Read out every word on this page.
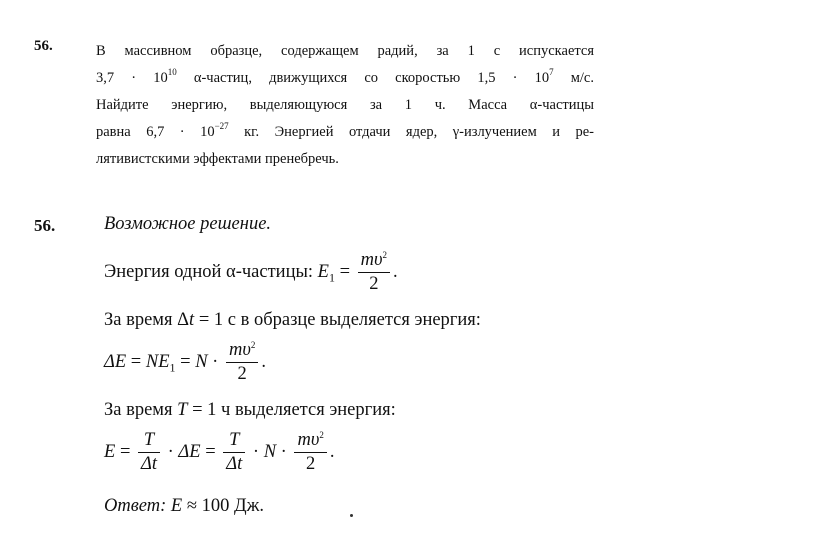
56.	В массивном образце, содержащем радий, за 1 с испускается
$3,7 \cdot 10^{10}$ α-частиц, движущихся со скоростью $1,5 \cdot 10^7$ м/с.
Найдите энергию, выделяющуюся за 1 ч. Масса α-частицы
равна $6,7 \cdot 10^{-27}$ кг. Энергией отдачи ядер, γ-излучением и ре-
лятивистскими эффектами пренебречь.
56.	Возможное решение.
Энергия одной α-частицы: $E_1 = \frac{m\upsilon^2}{2}$ .
За время Δt = 1 с в образце выделяется энергия:
$\Delta E = NE_1 = N \cdot \frac{m\upsilon^2}{2}$ .
За время T = 1 ч выделяется энергия:
$E = \frac{T}{\Delta t} \cdot \Delta E = \frac{T}{\Delta t} \cdot N \cdot \frac{m\upsilon^2}{2}$ .
Ответ: E ≈ 100 Дж.
